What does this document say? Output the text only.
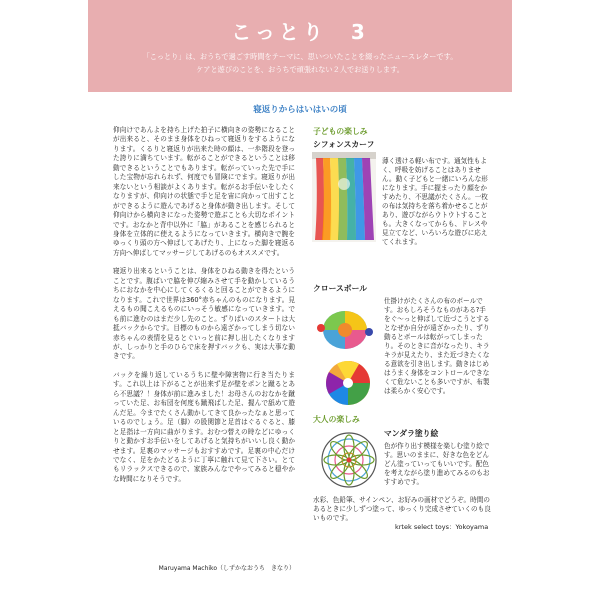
こっとり　3
「こっとり」は、おうちで過ごす時間をテーマに、思いついたことを綴ったニュースレターです。
ケアと遊びのことを、おうちで頑張れない２人でお送りします。
寝返りからはいはいの頃

仰向けであんよを持ち上げた拍子に横向きの姿勢になることが出来ると、そのまま身体をひねって寝返りをするようになります。くるりと寝返りが出来た時の顔は、一歩階段を登った誇りに満ちています。転がることができるということは移動できるということでもあります。転がっていった先で手にした宝物が忘れられず、何度でも冒険にでます。寝返りが出来ないという相談がよくあります。転がるお手伝いをしたくなりますが、仰向けの状態で手と足を宙に向かって出すことができるように遊んであげると身体が動き出します。そして仰向けから横向きになった姿勢で遊ぶことも大切なポイントです。おなかと背中以外に「脇」があることを感じられると身体を立体的に使えるようになっていきます。横向きで腕をゆっくり頭の方へ伸ばしてあげたり、上になった脚を寝返る方向へ伸ばしてマッサージしてあげるのもオススメです。

寝返り出来るということは、身体をひねる動きを得たということです。腹ばいで脇を伸び縮みさせて手を動かしているうちにおなかを中心にしてくるくると回ることができるようになります。これで世界は360°赤ちゃんのものになります。見えるもの聞こえるものにいっそう敏感になっていきます。でも前に進むのはまだ少し先のこと。ずりばいのスタートは大抵バックからです。目標のものから遠ざかってしまう切ない赤ちゃんの表情を見るとぐいっと前に押し出したくなりますが、しっかりと手のひらで床を押すバックも、実は大事な動きです。

バックを繰り返しているうちに壁や障害物に行き当たります。これ以上は下がることが出来ず足が壁をポンと蹴るとあら不思議？！身体が前に進みました！お母さんのおなかを蹴っていた足、お布団を何度も蹴飛ばした足、握んで舐めて遊んだ足。今までたくさん動かしてきて良かったなぁと思っているのでしょう。足（脚）の股関節と足首はぐるぐると、膝と足指は一方向に曲がります。おむつ替えの時などにゆっくりと動かすお手伝いをしてあげると気持ちがいいし良く動かせます。足裏のマッサージもおすすめです。足裏の中心だけでなく、足をかたどるように丁寧に触れて見て下さい。とてもリラックスできるので、家族みんなでやってみると穏やかな時間になりそうです。

Maruyama Machiko（しずかなおうち　きなり）
子どもの楽しみ
シフォンスカーフ
薄く透ける軽い布です。通気性もよく、呼吸を妨げることはありません。動く子どもと一緒にいろんな形になります。手に握まったり顔をかすめたり、不思議がたくさん。一枚の布は気持ちを落ち着かせることがあり、遊びながらウトウトすることも。大きくなってからも、ドレスや見立てなど、いろいろな遊びに応えてくれます。
クロースボール
仕掛けがたくさんの布のボールです。おもしろそうなものがある?手をぐ〜っと伸ばして近づこうとするとなぜか自分が遠ざかったり、ずり動るとボールは転がってしまったり。そのときに音がなったり、キラキラが見えたり、また近づきたくなる意欲を引き出します。動きはじめはうまく身体をコントロールできなくて危ないことも多いですが、布製は柔らかく安心です。
大人の楽しみ
マンダラ塗り絵
色が作り出す模様を楽しむ塗り絵です。思いのままに、好きな色をどんどん塗っていってもいいです。配色を考えながら塗り進めてみるのもおすすめです。
水彩、色鉛筆、サインペン、お好みの画材でどうぞ。時間のあるときに少しずつ塗って、ゆっくり完成させていくのも良いものです。
krtek select toys：Yokoyama
